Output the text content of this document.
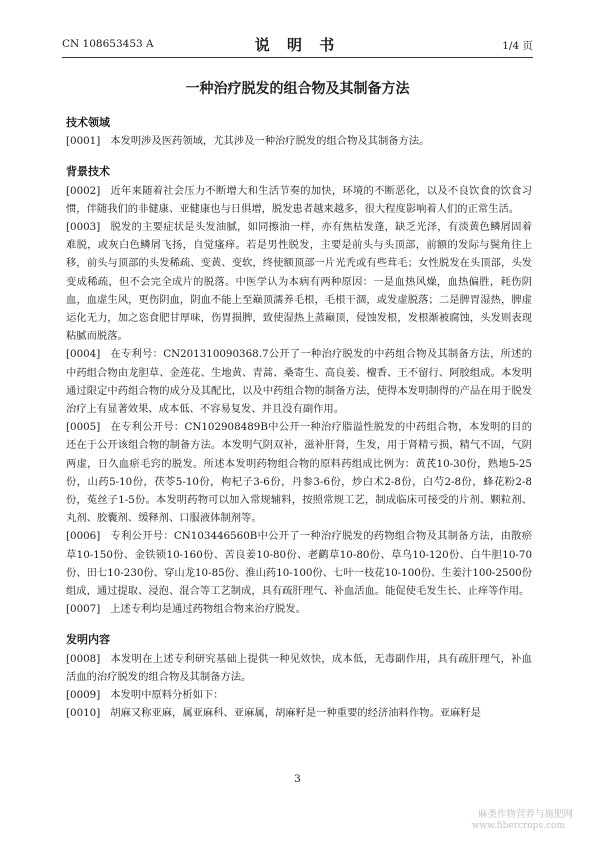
CN 108653453 A	说 明 书	1/4 页
一种治疗脱发的组合物及其制备方法
技术领域

[0001] 本发明涉及医药领域，尤其涉及一种治疗脱发的组合物及其制备方法。

背景技术

[0002] 近年来随着社会压力不断增大和生活节奏的加快，环境的不断恶化，以及不良饮食的饮食习惯，伴随我们的非健康、亚健康也与日俱增，脱发患者越来越多，很大程度影响着人们的正常生活。

[0003] 脱发的主要症状是头发油腻，如同擦油一样，亦有焦枯发蓬，缺乏光泽，有淡黄色鳞屑固着难脱，或灰白色鳞屑飞扬，自觉瘙痒。若是男性脱发，主要是前头与头顶部，前额的发际与鬓角往上移，前头与顶部的头发稀疏、变黄、变软，终使额顶部一片光秃或有些茸毛；女性脱发在头顶部，头发变成稀疏，但不会完全成片的脱落。中医学认为本病有两种原因：一是血热风燥，血热偏胜，耗伤阴血，血虚生风，更伤阴血，阴血不能上至巅顶濡养毛根，毛根干涸，或发虚脱落；二是脾胃湿热，脾虚运化无力，加之恣食肥甘厚味，伤胃损脾，致使湿热上蒸巅顶，侵蚀发根，发根渐被腐蚀，头发则表现粘腻而脱落。

[0004] 在专利号：CN201310090368.7公开了一种治疗脱发的中药组合物及其制备方法，所述的中药组合物由龙胆草、金莲花、生地黄、青蒿、桑寄生、高良姜、檀香、王不留行、阿胶组成。本发明通过限定中药组合物的成分及其配比，以及中药组合物的制备方法，使得本发明制得的产品在用于脱发治疗上有显著效果、成本低、不容易复发、并且没有副作用。

[0005] 在专利公开号：CN102908489B中公开一种治疗脂溢性脱发的中药组合物，本发明的目的还在于公开该组合物的制备方法。本发明气阴双补，滋补肝肾，生发，用于肾精亏损，精气不固，气阴两虚，日久血瘀毛窍的脱发。所述本发明药物组合物的原料药组成比例为：黄芪10-30份，熟地5-25份，山药5-10份，茯苓5-10份，枸杞子3-6份，丹参3-6份，炒白术2-8份，白芍2-8份，蜂花粉2-8份，菟丝子1-5份。本发明药物可以加入常规辅料，按照常规工艺，制成临床可接受的片剂、颗粒剂、丸剂、胶囊剂、缓释剂、口服液体制剂等。

[0006] 专利公开号：CN103446560B中公开了一种治疗脱发的药物组合物及其制备方法，由散瘀草10-150份、金铁锁10-160份、苦良姜10-80份、老鹳草10-80份、草乌10-120份、白牛胆10-70份、田七10-230份、穿山龙10-85份、淮山药10-100份、七叶一枝花10-100份、生姜汁100-2500份组成，通过提取、浸泡、混合等工艺制成，具有疏肝理气、补血活血。能促使毛发生长、止痒等作用。

[0007] 上述专利均是通过药物组合物来治疗脱发。

发明内容

[0008] 本发明在上述专利研究基础上提供一种见效快，成本低，无毒副作用，具有疏肝理气，补血活血的治疗脱发的组合物及其制备方法。

[0009] 本发明中原料分析如下：

[0010] 胡麻又称亚麻，属亚麻科、亚麻属，胡麻籽是一种重要的经济油料作物。亚麻籽是

3
麻类作物营养与施肥网
www.fibercrops.com
